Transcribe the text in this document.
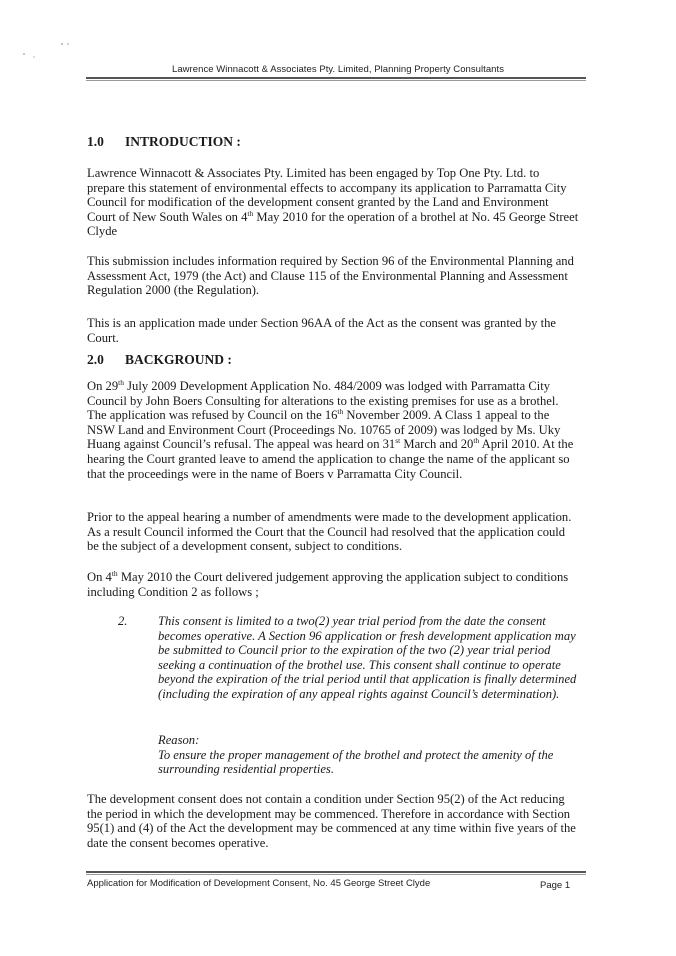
Lawrence Winnacott & Associates Pty. Limited, Planning Property Consultants
1.0 INTRODUCTION :

Lawrence Winnacott & Associates Pty. Limited has been engaged by Top One Pty. Ltd. to prepare this statement of environmental effects to accompany its application to Parramatta City Council for modification of the development consent granted by the Land and Environment Court of New South Wales on 4th May 2010 for the operation of a brothel at No. 45 George Street Clyde

This submission includes information required by Section 96 of the Environmental Planning and Assessment Act, 1979 (the Act) and Clause 115 of the Environmental Planning and Assessment Regulation 2000 (the Regulation).

This is an application made under Section 96AA of the Act as the consent was granted by the Court.

2.0 BACKGROUND :

On 29th July 2009 Development Application No. 484/2009 was lodged with Parramatta City Council by John Boers Consulting for alterations to the existing premises for use as a brothel. The application was refused by Council on the 16th November 2009. A Class 1 appeal to the NSW Land and Environment Court (Proceedings No. 10765 of 2009) was lodged by Ms. Uky Huang against Council’s refusal. The appeal was heard on 31st March and 20th April 2010. At the hearing the Court granted leave to amend the application to change the name of the applicant so that the proceedings were in the name of Boers v Parramatta City Council.

Prior to the appeal hearing a number of amendments were made to the development application. As a result Council informed the Court that the Council had resolved that the application could be the subject of a development consent, subject to conditions.

On 4th May 2010 the Court delivered judgement approving the application subject to conditions including Condition 2 as follows ;

2. This consent is limited to a two(2) year trial period from the date the consent becomes operative. A Section 96 application or fresh development application may be submitted to Council prior to the expiration of the two (2) year trial period seeking a continuation of the brothel use. This consent shall continue to operate beyond the expiration of the trial period until that application is finally determined (including the expiration of any appeal rights against Council’s determination).

Reason:
To ensure the proper management of the brothel and protect the amenity of the surrounding residential properties.

The development consent does not contain a condition under Section 95(2) of the Act reducing the period in which the development may be commenced. Therefore in accordance with Section 95(1) and (4) of the Act the development may be commenced at any time within five years of the date the consent becomes operative.

Application for Modification of Development Consent, No. 45 George Street Clyde	Page 1
